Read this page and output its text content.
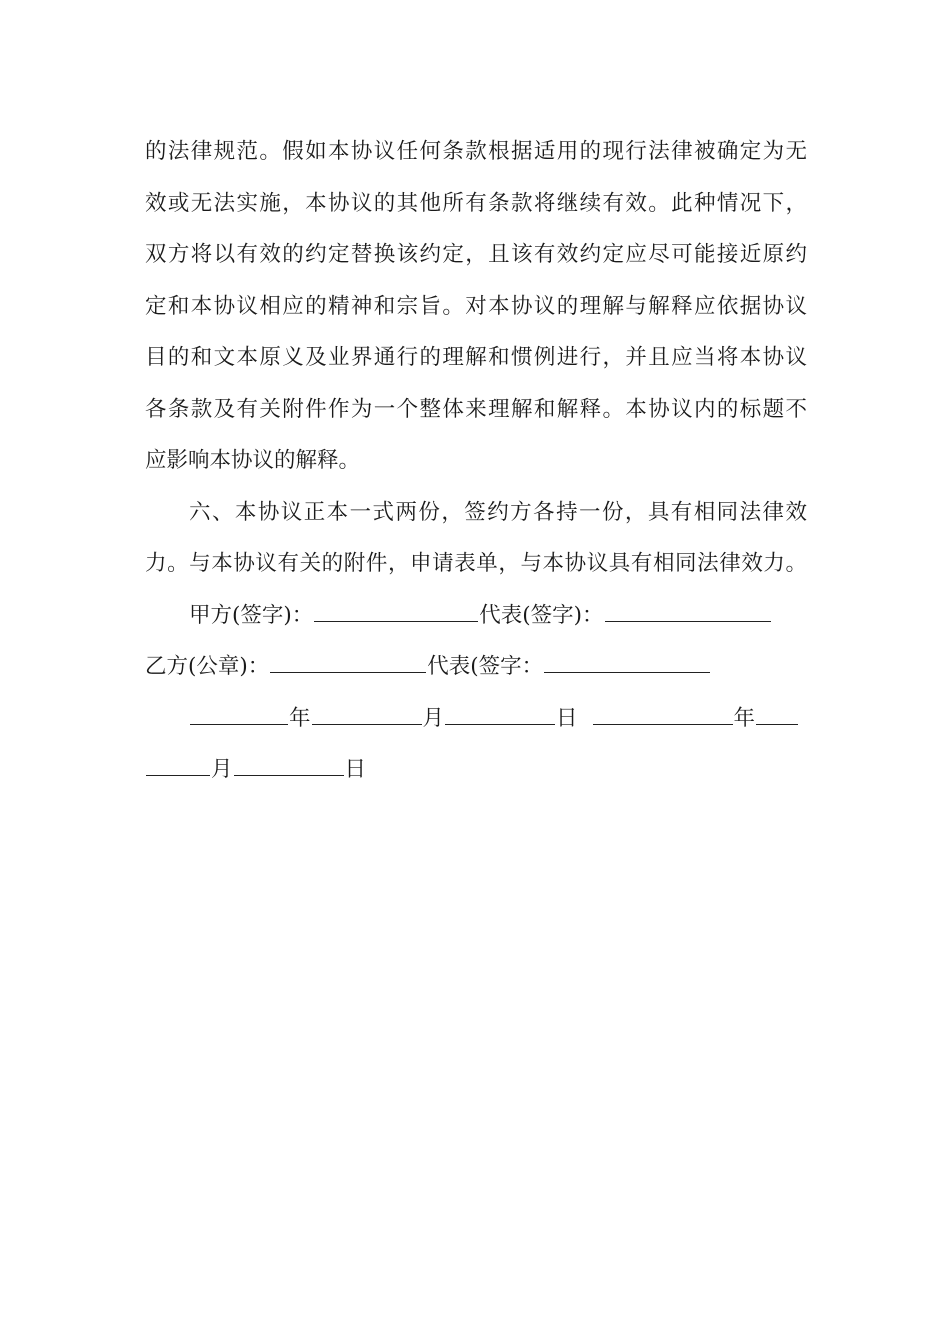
的法律规范。假如本协议任何条款根据适用的现行法律被确定为无
效或无法实施，本协议的其他所有条款将继续有效。此种情况下，
双方将以有效的约定替换该约定，且该有效约定应尽可能接近原约
定和本协议相应的精神和宗旨。对本协议的理解与解释应依据协议
目的和文本原义及业界通行的理解和惯例进行，并且应当将本协议
各条款及有关附件作为一个整体来理解和解释。本协议内的标题不
应影响本协议的解释。
六、本协议正本一式两份，签约方各持一份，具有相同法律效
力。与本协议有关的附件，申请表单，与本协议具有相同法律效力。
甲方(签字)：	代表(签字)：
乙方(公章)：	代表(签字：
年	月	日	年
月	日
